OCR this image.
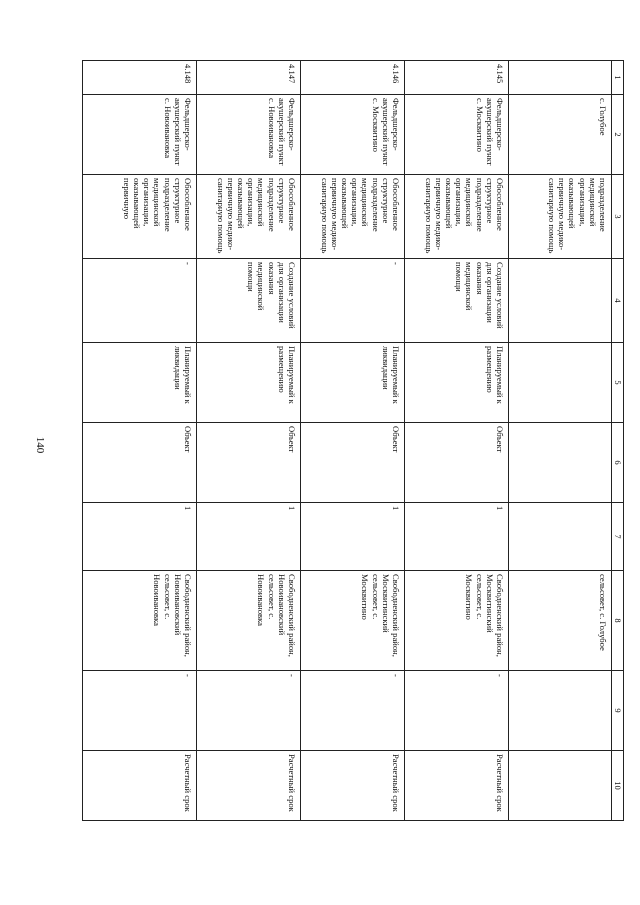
140
1	2	3	4	5	6	7	8	9	10
	с. Голубое	подразделение медицинской организации, оказывающей первичную медико-санитарную помощь					сельсовет, с. Голубое		
4.145	Фельдшерско-акушерский пункт с. Москвитино	Обособленное структурное подразделение медицинской организации, оказывающей первичную медико-санитарную помощь	Создание условий для организации оказания медицинской помощи	Планируемый к размещению	Объект	1	Свободненский район, Москвитинский сельсовет, с. Москвитино	-	Расчетный срок
4.146	Фельдшерско-акушерский пункт с. Москвитино	Обособленное структурное подразделение медицинской организации, оказывающей первичную медико-санитарную помощь	-	Планируемый к ликвидации	Объект	1	Свободненский район, Москвитинский сельсовет, с. Москвитино	-	Расчетный срок
4.147	Фельдшерско-акушерский пункт с. Новоивановка	Обособленное структурное подразделение медицинской организации, оказывающей первичную медико-санитарную помощь	Создание условий для организации оказания медицинской помощи	Планируемый к размещению	Объект	1	Свободненский район, Новоивановский сельсовет, с. Новоивановка	-	Расчетный срок
4.148	Фельдшерско-акушерский пункт с. Новоивановка	Обособленное структурное подразделение медицинской организации, оказывающей первичную	-	Планируемый к ликвидации	Объект	1	Свободненский район, Новоивановский сельсовет, с. Новоивановка	-	Расчетный срок
